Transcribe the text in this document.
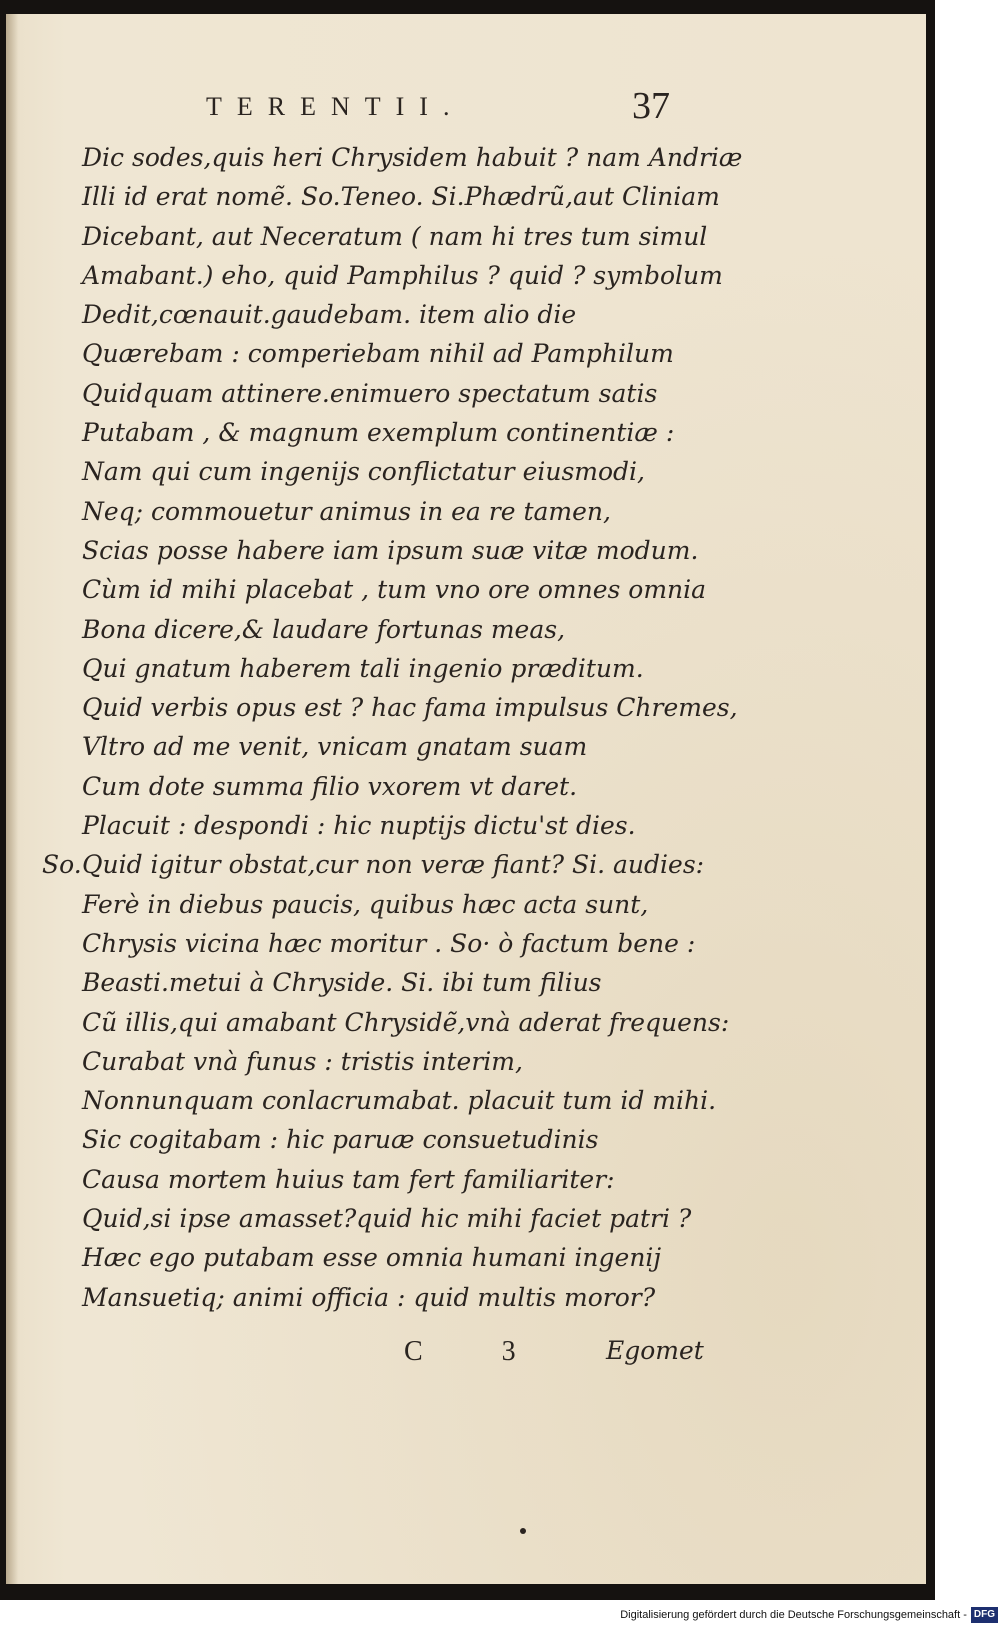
TERENTII.	37
Dic sodes,quis heri Chrysidem habuit ? nam Andriæ
Illi id erat nomẽ. So.Teneo. Si.Phædrũ,aut Cliniam
Dicebant, aut Neceratum ( nam hi tres tum simul
Amabant.) eho, quid Pamphilus ? quid ? symbolum
Dedit,cœnauit.gaudebam. item alio die
Quærebam : comperiebam nihil ad Pamphilum
Quidquam attinere.enimuero spectatum satis
Putabam , & magnum exemplum continentiæ :
Nam qui cum ingenijs conflictatur eiusmodi,
Neq; commouetur animus in ea re tamen,
Scias posse habere iam ipsum suæ vitæ modum.
Cùm id mihi placebat , tum vno ore omnes omnia
Bona dicere,& laudare fortunas meas,
Qui gnatum haberem tali ingenio præditum.
Quid verbis opus est ? hac fama impulsus Chremes,
Vltro ad me venit, vnicam gnatam suam
Cum dote summa filio vxorem vt daret.
Placuit : despondi : hic nuptijs dictu'st dies.
So. Quid igitur obstat,cur non veræ fiant? Si. audies:
Ferè in diebus paucis, quibus hæc acta sunt,
Chrysis vicina hæc moritur . So· ò factum bene :
Beasti.metui à Chryside. Si. ibi tum filius
Cũ illis,qui amabant Chrysidẽ,vnà aderat frequens:
Curabat vnà funus : tristis interim,
Nonnunquam conlacrumabat. placuit tum id mihi.
Sic cogitabam : hic paruæ consuetudinis
Causa mortem huius tam fert familiariter:
Quid,si ipse amasset?quid hic mihi faciet patri ?
Hæc ego putabam esse omnia humani ingenij
Mansuetiq; animi officia : quid multis moror?
C 3 Egomet
Digitalisierung gefördert durch die Deutsche Forschungsgemeinschaft - DFG
